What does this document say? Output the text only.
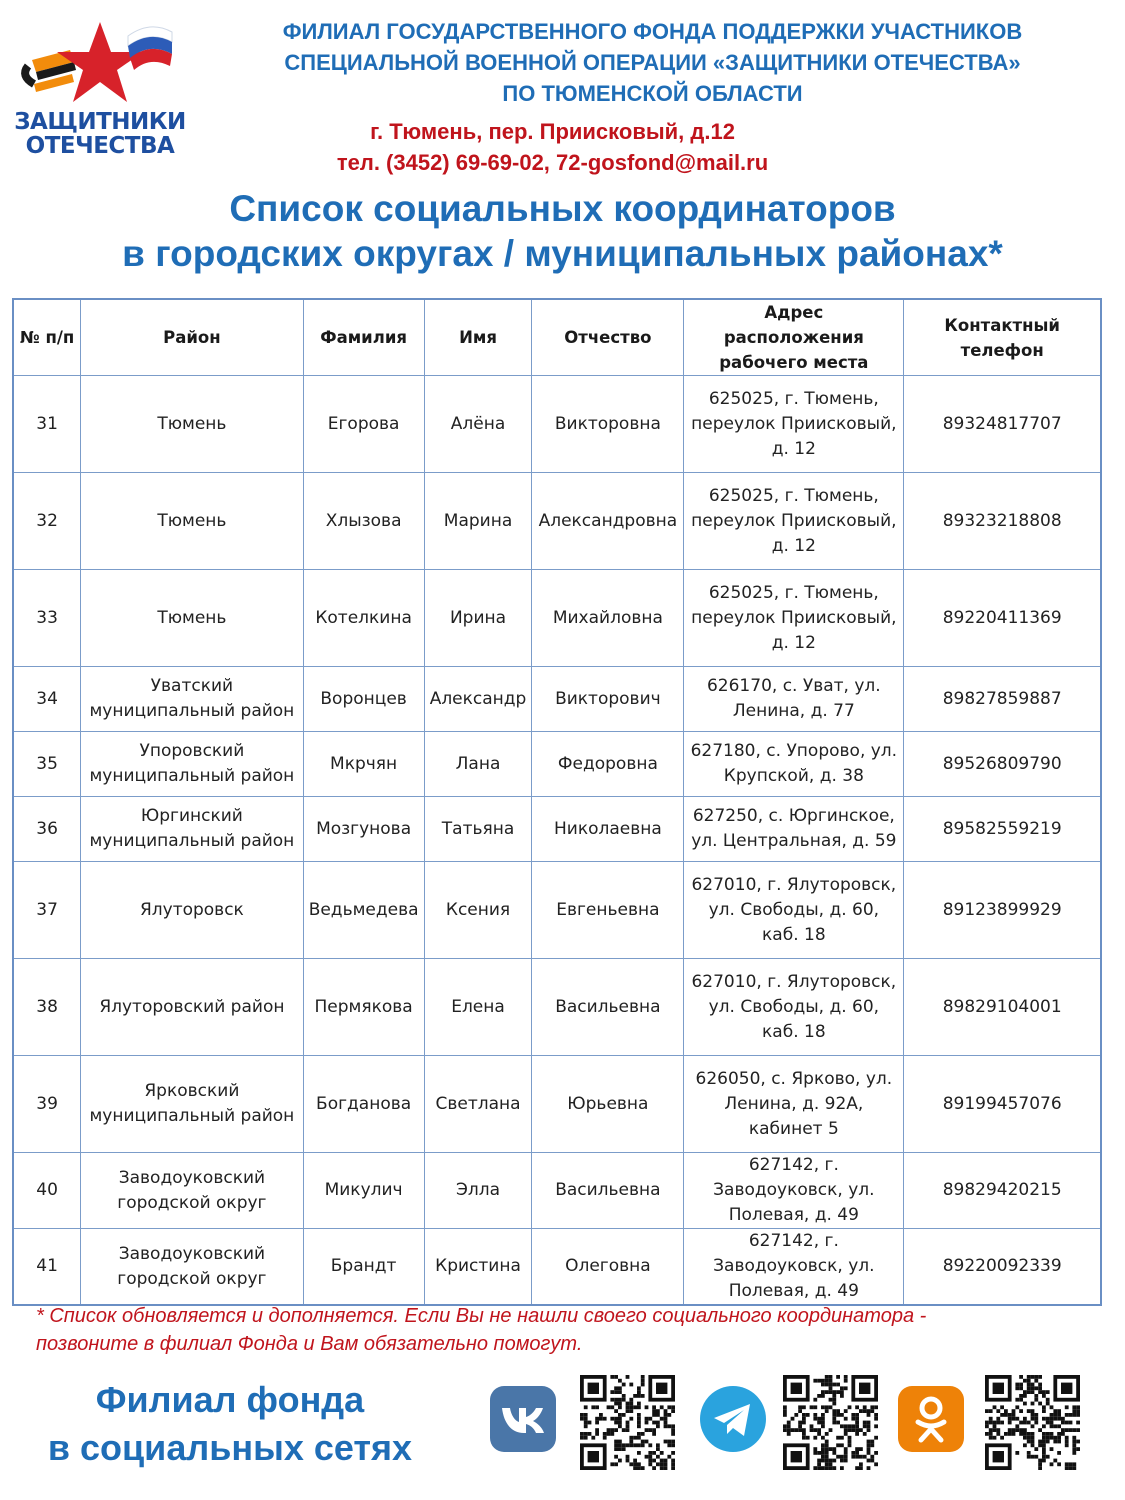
ЗАЩИТНИКИ
ОТЕЧЕСТВА
ФИЛИАЛ ГОСУДАРСТВЕННОГО ФОНДА ПОДДЕРЖКИ УЧАСТНИКОВ
СПЕЦИАЛЬНОЙ ВОЕННОЙ ОПЕРАЦИИ «ЗАЩИТНИКИ ОТЕЧЕСТВА»
ПО ТЮМЕНСКОЙ ОБЛАСТИ
г. Тюмень, пер. Приисковый, д.12
тел. (3452) 69-69-02, 72-gosfond@mail.ru
Список социальных координаторов
в городских округах / муниципальных районах*
№ п/п	Район	Фамилия	Имя	Отчество	Адрес расположения рабочего места	Контактный телефон
31	Тюмень	Егорова	Алёна	Викторовна	625025, г. Тюмень, переулок Приисковый, д. 12	89324817707
32	Тюмень	Хлызова	Марина	Александровна	625025, г. Тюмень, переулок Приисковый, д. 12	89323218808
33	Тюмень	Котелкина	Ирина	Михайловна	625025, г. Тюмень, переулок Приисковый, д. 12	89220411369
34	Уватский муниципальный район	Воронцев	Александр	Викторович	626170, с. Уват, ул. Ленина, д. 77	89827859887
35	Упоровский муниципальный район	Мкрчян	Лана	Федоровна	627180, с. Упорово, ул. Крупской, д. 38	89526809790
36	Юргинский муниципальный район	Мозгунова	Татьяна	Николаевна	627250, с. Юргинское, ул. Центральная, д. 59	89582559219
37	Ялуторовск	Ведьмедева	Ксения	Евгеньевна	627010, г. Ялуторовск, ул. Свободы, д. 60, каб. 18	89123899929
38	Ялуторовский район	Пермякова	Елена	Васильевна	627010, г. Ялуторовск, ул. Свободы, д. 60, каб. 18	89829104001
39	Ярковский муниципальный район	Богданова	Светлана	Юрьевна	626050, с. Ярково, ул. Ленина, д. 92А, кабинет 5	89199457076
40	Заводоуковский городской округ	Микулич	Элла	Васильевна	627142, г. Заводоуковск, ул. Полевая, д. 49	89829420215
41	Заводоуковский городской округ	Брандт	Кристина	Олеговна	627142, г. Заводоуковск, ул. Полевая, д. 49	89220092339
* Список обновляется и дополняется. Если Вы не нашли своего социального координатора -
позвоните в филиал Фонда и Вам обязательно помогут.
Филиал фонда
в социальных сетях
